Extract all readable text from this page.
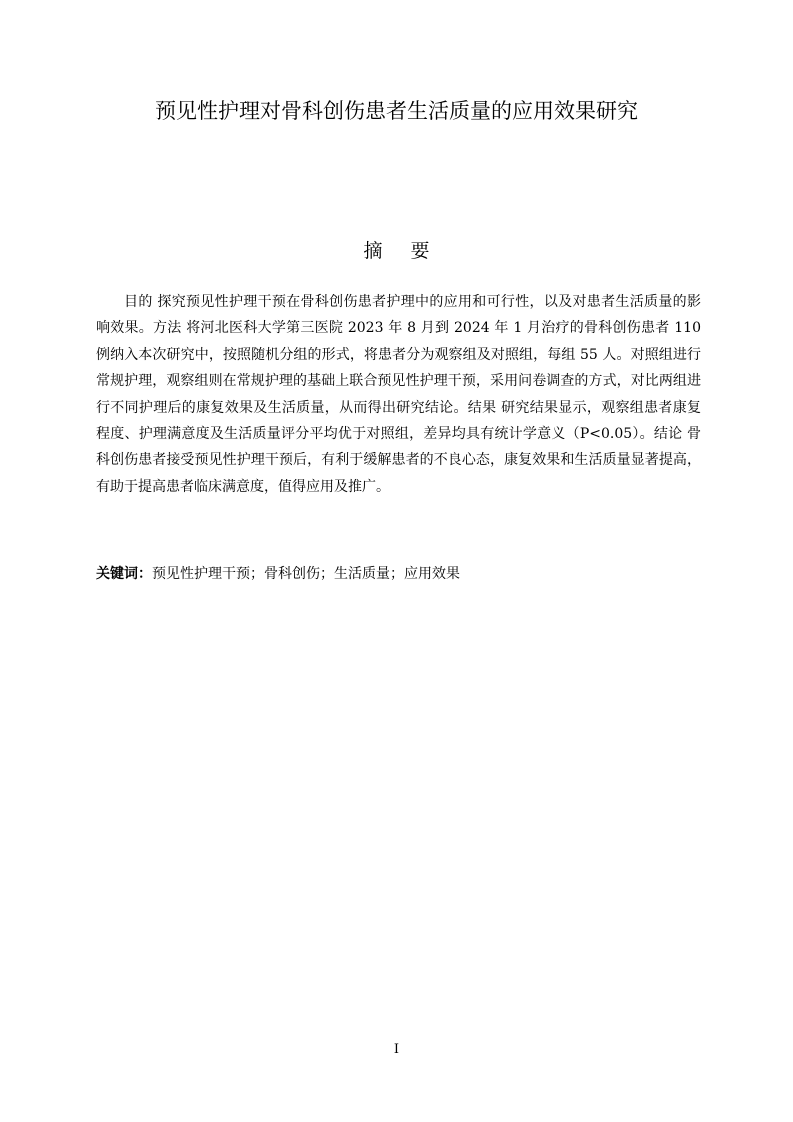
预见性护理对骨科创伤患者生活质量的应用效果研究
摘要

目的 探究预见性护理干预在骨科创伤患者护理中的应用和可行性，以及对患者生活质量的影响效果。方法 将河北医科大学第三医院 2023 年 8 月到 2024 年 1 月治疗的骨科创伤患者 110 例纳入本次研究中，按照随机分组的形式，将患者分为观察组及对照组，每组 55 人。对照组进行常规护理，观察组则在常规护理的基础上联合预见性护理干预，采用问卷调查的方式，对比两组进行不同护理后的康复效果及生活质量，从而得出研究结论。结果 研究结果显示，观察组患者康复程度、护理满意度及生活质量评分平均优于对照组，差异均具有统计学意义（P<0.05）。结论 骨科创伤患者接受预见性护理干预后，有利于缓解患者的不良心态，康复效果和生活质量显著提高，有助于提高患者临床满意度，值得应用及推广。

关键词：预见性护理干预；骨科创伤；生活质量；应用效果

I
